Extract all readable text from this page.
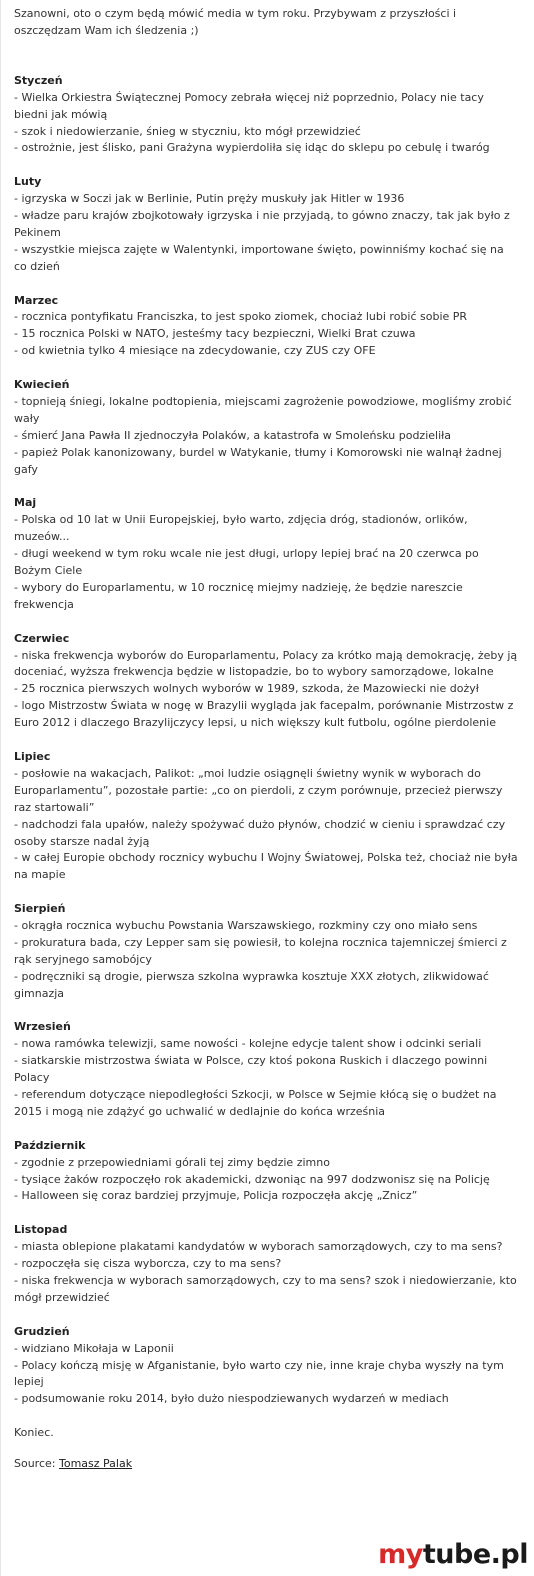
Szanowni, oto o czym będą mówić media w tym roku. Przybywam z przyszłości i oszczędzam Wam ich śledzenia ;)

Styczeń
- Wielka Orkiestra Świątecznej Pomocy zebrała więcej niż poprzednio, Polacy nie tacy biedni jak mówią
- szok i niedowierzanie, śnieg w styczniu, kto mógł przewidzieć
- ostrożnie, jest ślisko, pani Grażyna wypierdoliła się idąc do sklepu po cebulę i twaróg
Luty
- igrzyska w Soczi jak w Berlinie, Putin pręży muskuły jak Hitler w 1936
- władze paru krajów zbojkotowały igrzyska i nie przyjadą, to gówno znaczy, tak jak było z Pekinem
- wszystkie miejsca zajęte w Walentynki, importowane święto, powinniśmy kochać się na co dzień
Marzec
- rocznica pontyfikatu Franciszka, to jest spoko ziomek, chociaż lubi robić sobie PR
- 15 rocznica Polski w NATO, jesteśmy tacy bezpieczni, Wielki Brat czuwa
- od kwietnia tylko 4 miesiące na zdecydowanie, czy ZUS czy OFE
Kwiecień
- topnieją śniegi, lokalne podtopienia, miejscami zagrożenie powodziowe, mogliśmy zrobić wały
- śmierć Jana Pawła II zjednoczyła Polaków, a katastrofa w Smoleńsku podzieliła
- papież Polak kanonizowany, burdel w Watykanie, tłumy i Komorowski nie walnął żadnej gafy
Maj
- Polska od 10 lat w Unii Europejskiej, było warto, zdjęcia dróg, stadionów, orlików, muzeów...
- długi weekend w tym roku wcale nie jest długi, urlopy lepiej brać na 20 czerwca po Bożym Ciele
- wybory do Europarlamentu, w 10 rocznicę miejmy nadzieję, że będzie nareszcie frekwencja
Czerwiec
- niska frekwencja wyborów do Europarlamentu, Polacy za krótko mają demokrację, żeby ją doceniać, wyższa frekwencja będzie w listopadzie, bo to wybory samorządowe, lokalne
- 25 rocznica pierwszych wolnych wyborów w 1989, szkoda, że Mazowiecki nie dożył
- logo Mistrzostw Świata w nogę w Brazylii wygląda jak facepalm, porównanie Mistrzostw z Euro 2012 i dlaczego Brazylijczycy lepsi, u nich większy kult futbolu, ogólne pierdolenie
Lipiec
- posłowie na wakacjach, Palikot: „moi ludzie osiągnęli świetny wynik w wyborach do Europarlamentu”, pozostałe partie: „co on pierdoli, z czym porównuje, przecież pierwszy raz startowali”
- nadchodzi fala upałów, należy spożywać dużo płynów, chodzić w cieniu i sprawdzać czy osoby starsze nadal żyją
- w całej Europie obchody rocznicy wybuchu I Wojny Światowej, Polska też, chociaż nie była na mapie
Sierpień
- okrągła rocznica wybuchu Powstania Warszawskiego, rozkminy czy ono miało sens
- prokuratura bada, czy Lepper sam się powiesił, to kolejna rocznica tajemniczej śmierci z rąk seryjnego samobójcy
- podręczniki są drogie, pierwsza szkolna wyprawka kosztuje XXX złotych, zlikwidować gimnazja
Wrzesień
- nowa ramówka telewizji, same nowości - kolejne edycje talent show i odcinki seriali
- siatkarskie mistrzostwa świata w Polsce, czy ktoś pokona Ruskich i dlaczego powinni Polacy
- referendum dotyczące niepodległości Szkocji, w Polsce w Sejmie kłócą się o budżet na 2015 i mogą nie zdążyć go uchwalić w dedlajnie do końca września
Październik
- zgodnie z przepowiedniami górali tej zimy będzie zimno
- tysiące żaków rozpoczęło rok akademicki, dzwoniąc na 997 dodzwonisz się na Policję
- Halloween się coraz bardziej przyjmuje, Policja rozpoczęła akcję „Znicz”
Listopad
- miasta oblepione plakatami kandydatów w wyborach samorządowych, czy to ma sens?
- rozpoczęła się cisza wyborcza, czy to ma sens?
- niska frekwencja w wyborach samorządowych, czy to ma sens? szok i niedowierzanie, kto mógł przewidzieć
Grudzień
- widziano Mikołaja w Laponii
- Polacy kończą misję w Afganistanie, było warto czy nie, inne kraje chyba wyszły na tym lepiej
- podsumowanie roku 2014, było dużo niespodziewanych wydarzeń w mediach

Koniec.

Source: Tomasz Palak

mytube.pl
